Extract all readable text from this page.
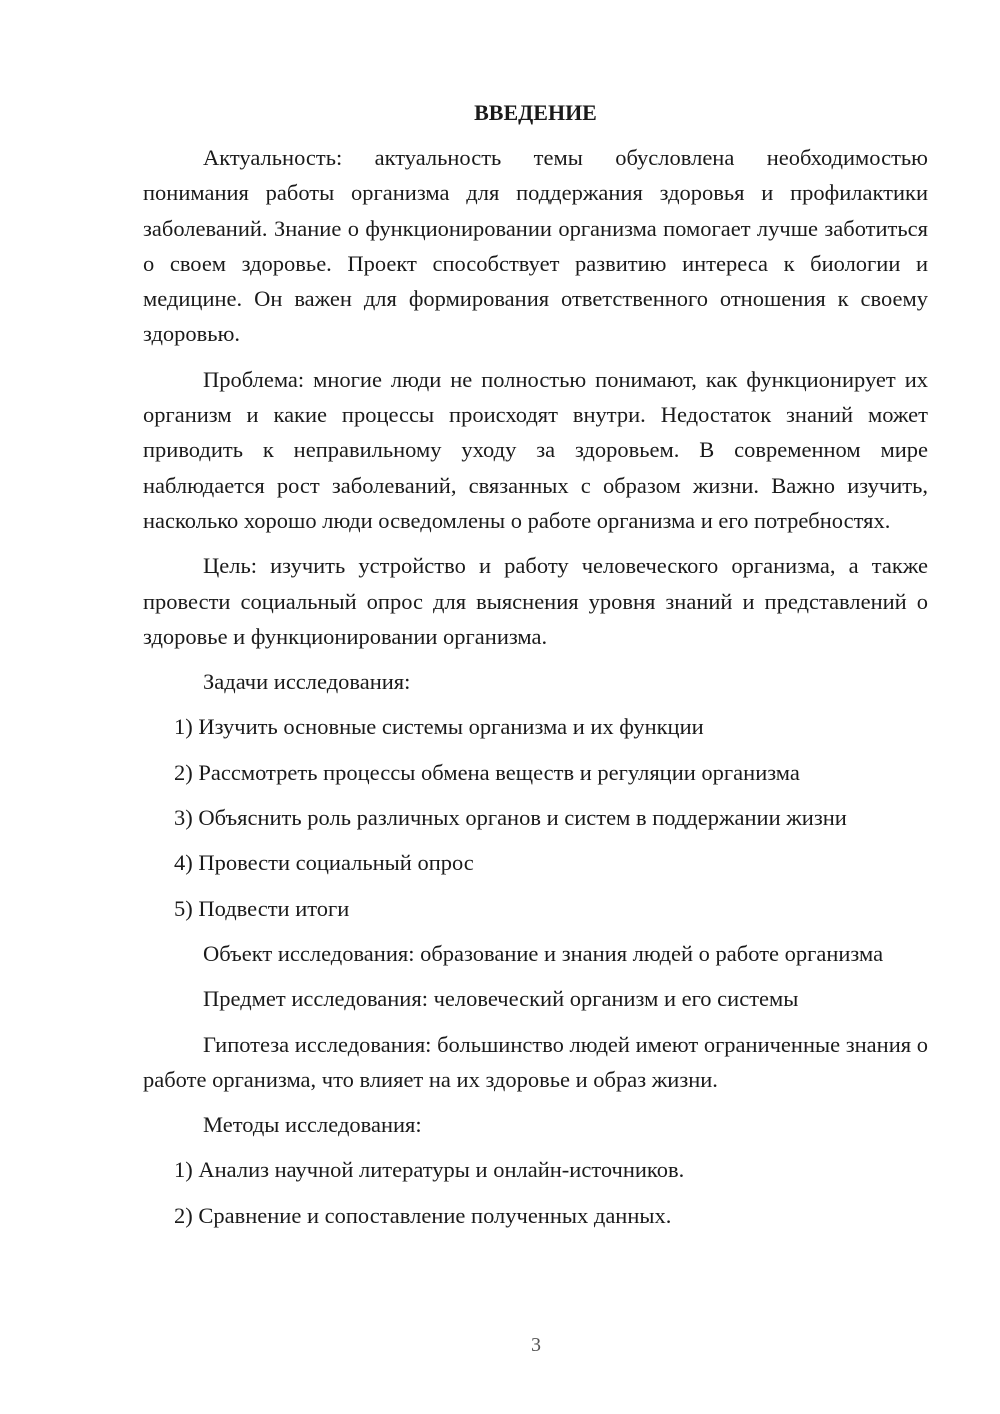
ВВЕДЕНИЕ

Актуальность: актуальность темы обусловлена необходимостью понимания работы организма для поддержания здоровья и профилактики заболеваний. Знание о функционировании организма помогает лучше заботиться о своем здоровье. Проект способствует развитию интереса к биологии и медицине. Он важен для формирования ответственного отношения к своему здоровью.

Проблема: многие люди не полностью понимают, как функционирует их организм и какие процессы происходят внутри. Недостаток знаний может приводить к неправильному уходу за здоровьем. В современном мире наблюдается рост заболеваний, связанных с образом жизни. Важно изучить, насколько хорошо люди осведомлены о работе организма и его потребностях.

Цель: изучить устройство и работу человеческого организма, а также провести социальный опрос для выяснения уровня знаний и представлений о здоровье и функционировании организма.

Задачи исследования:

1) Изучить основные системы организма и их функции

2) Рассмотреть процессы обмена веществ и регуляции организма

3) Объяснить роль различных органов и систем в поддержании жизни

4) Провести социальный опрос

5) Подвести итоги

Объект исследования: образование и знания людей о работе организма

Предмет исследования: человеческий организм и его системы

Гипотеза исследования: большинство людей имеют ограниченные знания о работе организма, что влияет на их здоровье и образ жизни.

Методы исследования:

1) Анализ научной литературы и онлайн-источников.

2) Сравнение и сопоставление полученных данных.

3
